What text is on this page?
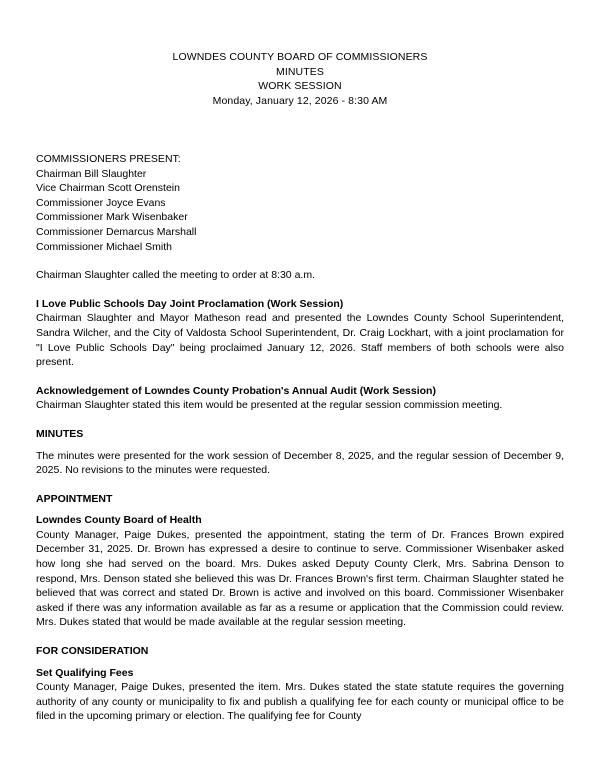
LOWNDES COUNTY BOARD OF COMMISSIONERS
MINUTES
WORK SESSION
Monday, January 12, 2026 - 8:30 AM
COMMISSIONERS PRESENT:
Chairman Bill Slaughter
Vice Chairman Scott Orenstein
Commissioner Joyce Evans
Commissioner Mark Wisenbaker
Commissioner Demarcus Marshall
Commissioner Michael Smith

Chairman Slaughter called the meeting to order at 8:30 a.m.

I Love Public Schools Day Joint Proclamation (Work Session)

Chairman Slaughter and Mayor Matheson read and presented the Lowndes County School Superintendent, Sandra Wilcher, and the City of Valdosta School Superintendent, Dr. Craig Lockhart, with a joint proclamation for "I Love Public Schools Day" being proclaimed January 12, 2026. Staff members of both schools were also present.

Acknowledgement of Lowndes County Probation's Annual Audit (Work Session)

Chairman Slaughter stated this item would be presented at the regular session commission meeting.

MINUTES

The minutes were presented for the work session of December 8, 2025, and the regular session of December 9, 2025. No revisions to the minutes were requested.

APPOINTMENT
Lowndes County Board of Health

County Manager, Paige Dukes, presented the appointment, stating the term of Dr. Frances Brown expired December 31, 2025. Dr. Brown has expressed a desire to continue to serve. Commissioner Wisenbaker asked how long she had served on the board. Mrs. Dukes asked Deputy County Clerk, Mrs. Sabrina Denson to respond, Mrs. Denson stated she believed this was Dr. Frances Brown's first term. Chairman Slaughter stated he believed that was correct and stated Dr. Brown is active and involved on this board. Commissioner Wisenbaker asked if there was any information available as far as a resume or application that the Commission could review. Mrs. Dukes stated that would be made available at the regular session meeting.

FOR CONSIDERATION
Set Qualifying Fees

County Manager, Paige Dukes, presented the item. Mrs. Dukes stated the state statute requires the governing authority of any county or municipality to fix and publish a qualifying fee for each county or municipal office to be filed in the upcoming primary or election. The qualifying fee for County
